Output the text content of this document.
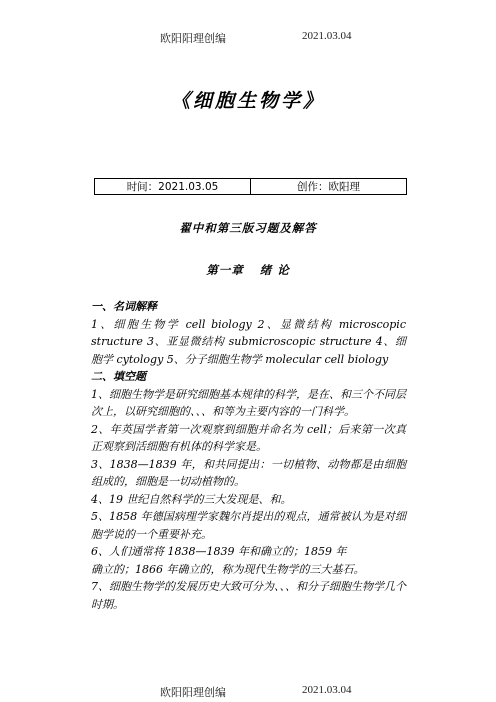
欧阳阳理创编	2021.03.04
《细胞生物学》
时间：2021.03.05	创作：欧阳理
翟中和第三版习题及解答
第一章 绪 论

一、名词解释

1、细胞生物学 cell biology 2、显微结构 microscopic structure 3、亚显微结构 submicroscopic structure 4、细胞学 cytology 5、分子细胞生物学 molecular cell biology

二、填空题

1、细胞生物学是研究细胞基本规律的科学，是在、和三个不同层次上，以研究细胞的、、、和等为主要内容的一门科学。

2、年英国学者第一次观察到细胞并命名为 cell；后来第一次真正观察到活细胞有机体的科学家是。

3、1838—1839 年，和共同提出：一切植物、动物都是由细胞组成的，细胞是一切动植物的。

4、19 世纪自然科学的三大发现是、和。

5、1858 年德国病理学家魏尔肖提出的观点，通常被认为是对细胞学说的一个重要补充。

6、人们通常将 1838—1839 年和确立的；1859 年

确立的；1866 年确立的，称为现代生物学的三大基石。

7、细胞生物学的发展历史大致可分为、、、和分子细胞生物学几个时期。

欧阳阳理创编	2021.03.04
